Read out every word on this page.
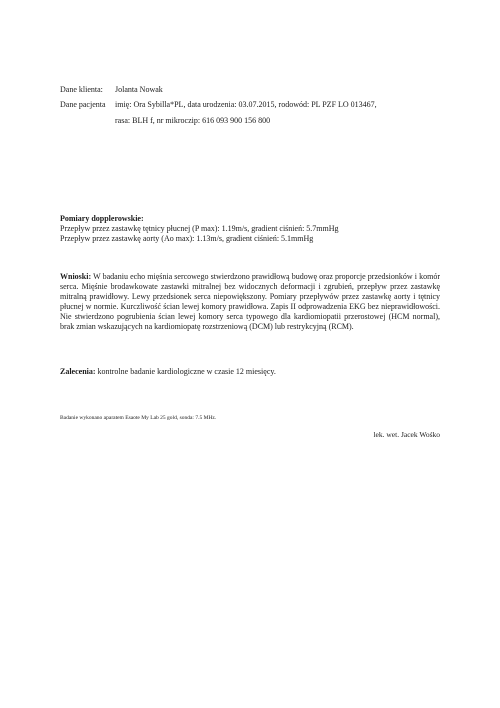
Dane klienta: Jolanta Nowak
Dane pacjenta imię: Ora Sybilla*PL, data urodzenia: 03.07.2015, rodowód: PL PZF LO 013467,
rasa: BLH f, nr mikroczip: 616 093 900 156 800
Pomiary dopplerowskie:
Przepływ przez zastawkę tętnicy płucnej (P max): 1.19m/s, gradient ciśnień: 5.7mmHg
Przepływ przez zastawkę aorty (Ao max): 1.13m/s, gradient ciśnień: 5.1mmHg
Wnioski: W badaniu echo mięśnia sercowego stwierdzono prawidłową budowę oraz proporcje przedsionków i komór serca. Mięśnie brodawkowate zastawki mitralnej bez widocznych deformacji i zgrubień, przepływ przez zastawkę mitralną prawidłowy. Lewy przedsionek serca niepowiększony. Pomiary przepływów przez zastawkę aorty i tętnicy płucnej w normie. Kurczliwość ścian lewej komory prawidłowa. Zapis II odprowadzenia EKG bez nieprawidłowości. Nie stwierdzono pogrubienia ścian lewej komory serca typowego dla kardiomiopatii przerostowej (HCM normal), brak zmian wskazujących na kardiomiopatę rozstrzeniową (DCM) lub restrykcyjną (RCM).
Zalecenia: kontrolne badanie kardiologiczne w czasie 12 miesięcy.
Badanie wykonano aparatem Esaote My Lab 25 gold, sonda: 7.5 MHz.
lek. wet. Jacek Wośko
